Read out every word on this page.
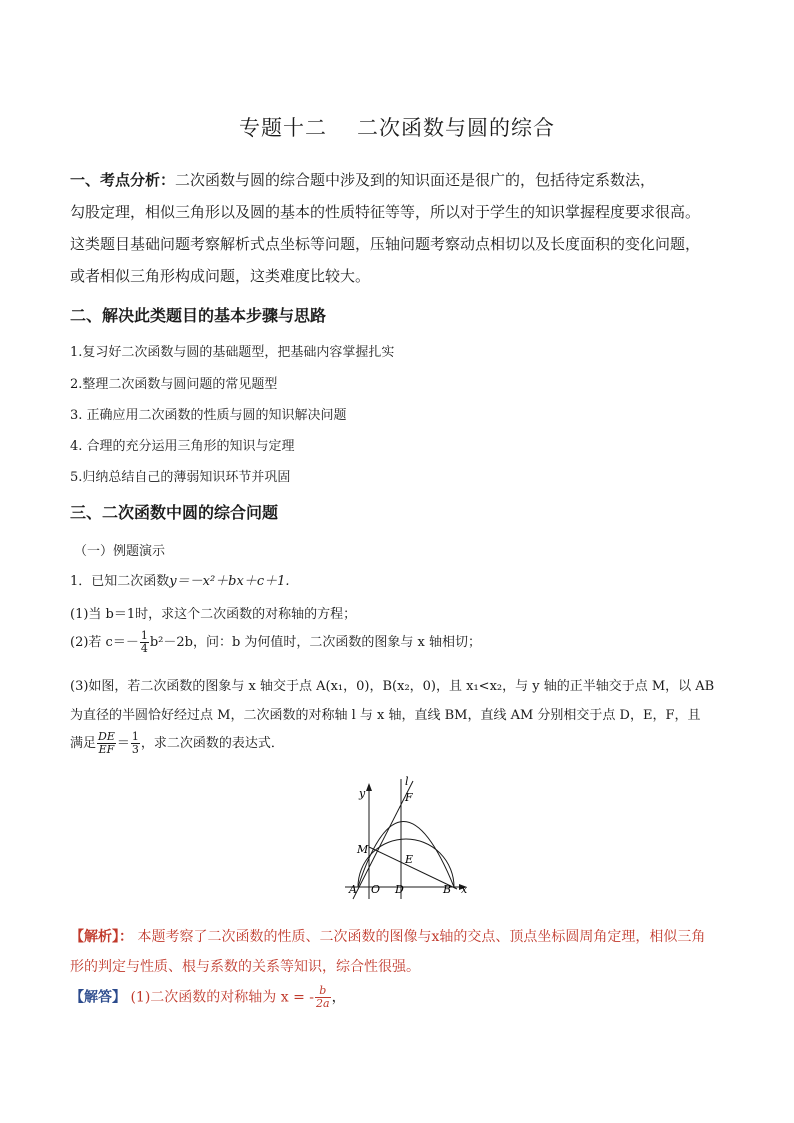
专题十二 二次函数与圆的综合
一、考点分析：二次函数与圆的综合题中涉及到的知识面还是很广的，包括待定系数法，
勾股定理，相似三角形以及圆的基本的性质特征等等，所以对于学生的知识掌握程度要求很高。
这类题目基础问题考察解析式点坐标等问题，压轴问题考察动点相切以及长度面积的变化问题，
或者相似三角形构成问题，这类难度比较大。
二、解决此类题目的基本步骤与思路
1.复习好二次函数与圆的基础题型，把基础内容掌握扎实
2.整理二次函数与圆问题的常见题型
3. 正确应用二次函数的性质与圆的知识解决问题
4. 合理的充分运用三角形的知识与定理
5.归纳总结自己的薄弱知识环节并巩固
三、二次函数中圆的综合问题
（一）例题演示
1．已知二次函数y＝－x²＋bx＋c＋1.
(1)当 b＝1时，求这个二次函数的对称轴的方程；
(2)若 $c=- \frac{1}{4} b^2-2b$，问：b 为何值时，二次函数的图象与 x 轴相切；
(3)如图，若二次函数的图象与 x 轴交于点 A(x₁，0)，B(x₂，0)，且 x₁<x₂，与 y 轴的正半轴交于点 M，以 AB
为直径的半圆恰好经过点 M，二次函数的对称轴 l 与 x 轴，直线 BM，直线 AM 分别相交于点 D，E，F，且
满足 $\frac{DE}{EF} = \frac{1}{3}$ ，求二次函数的表达式．
l
y	F
M
E
A O D	B x
【解析】： 本题考察了二次函数的性质、二次函数的图像与x轴的交点、顶点坐标圆周角定理，相似三角
形的判定与性质、根与系数的关系等知识，综合性很强。
【解答】 (1)二次函数的对称轴为 x = - $\frac{b}{2a}$ ，
